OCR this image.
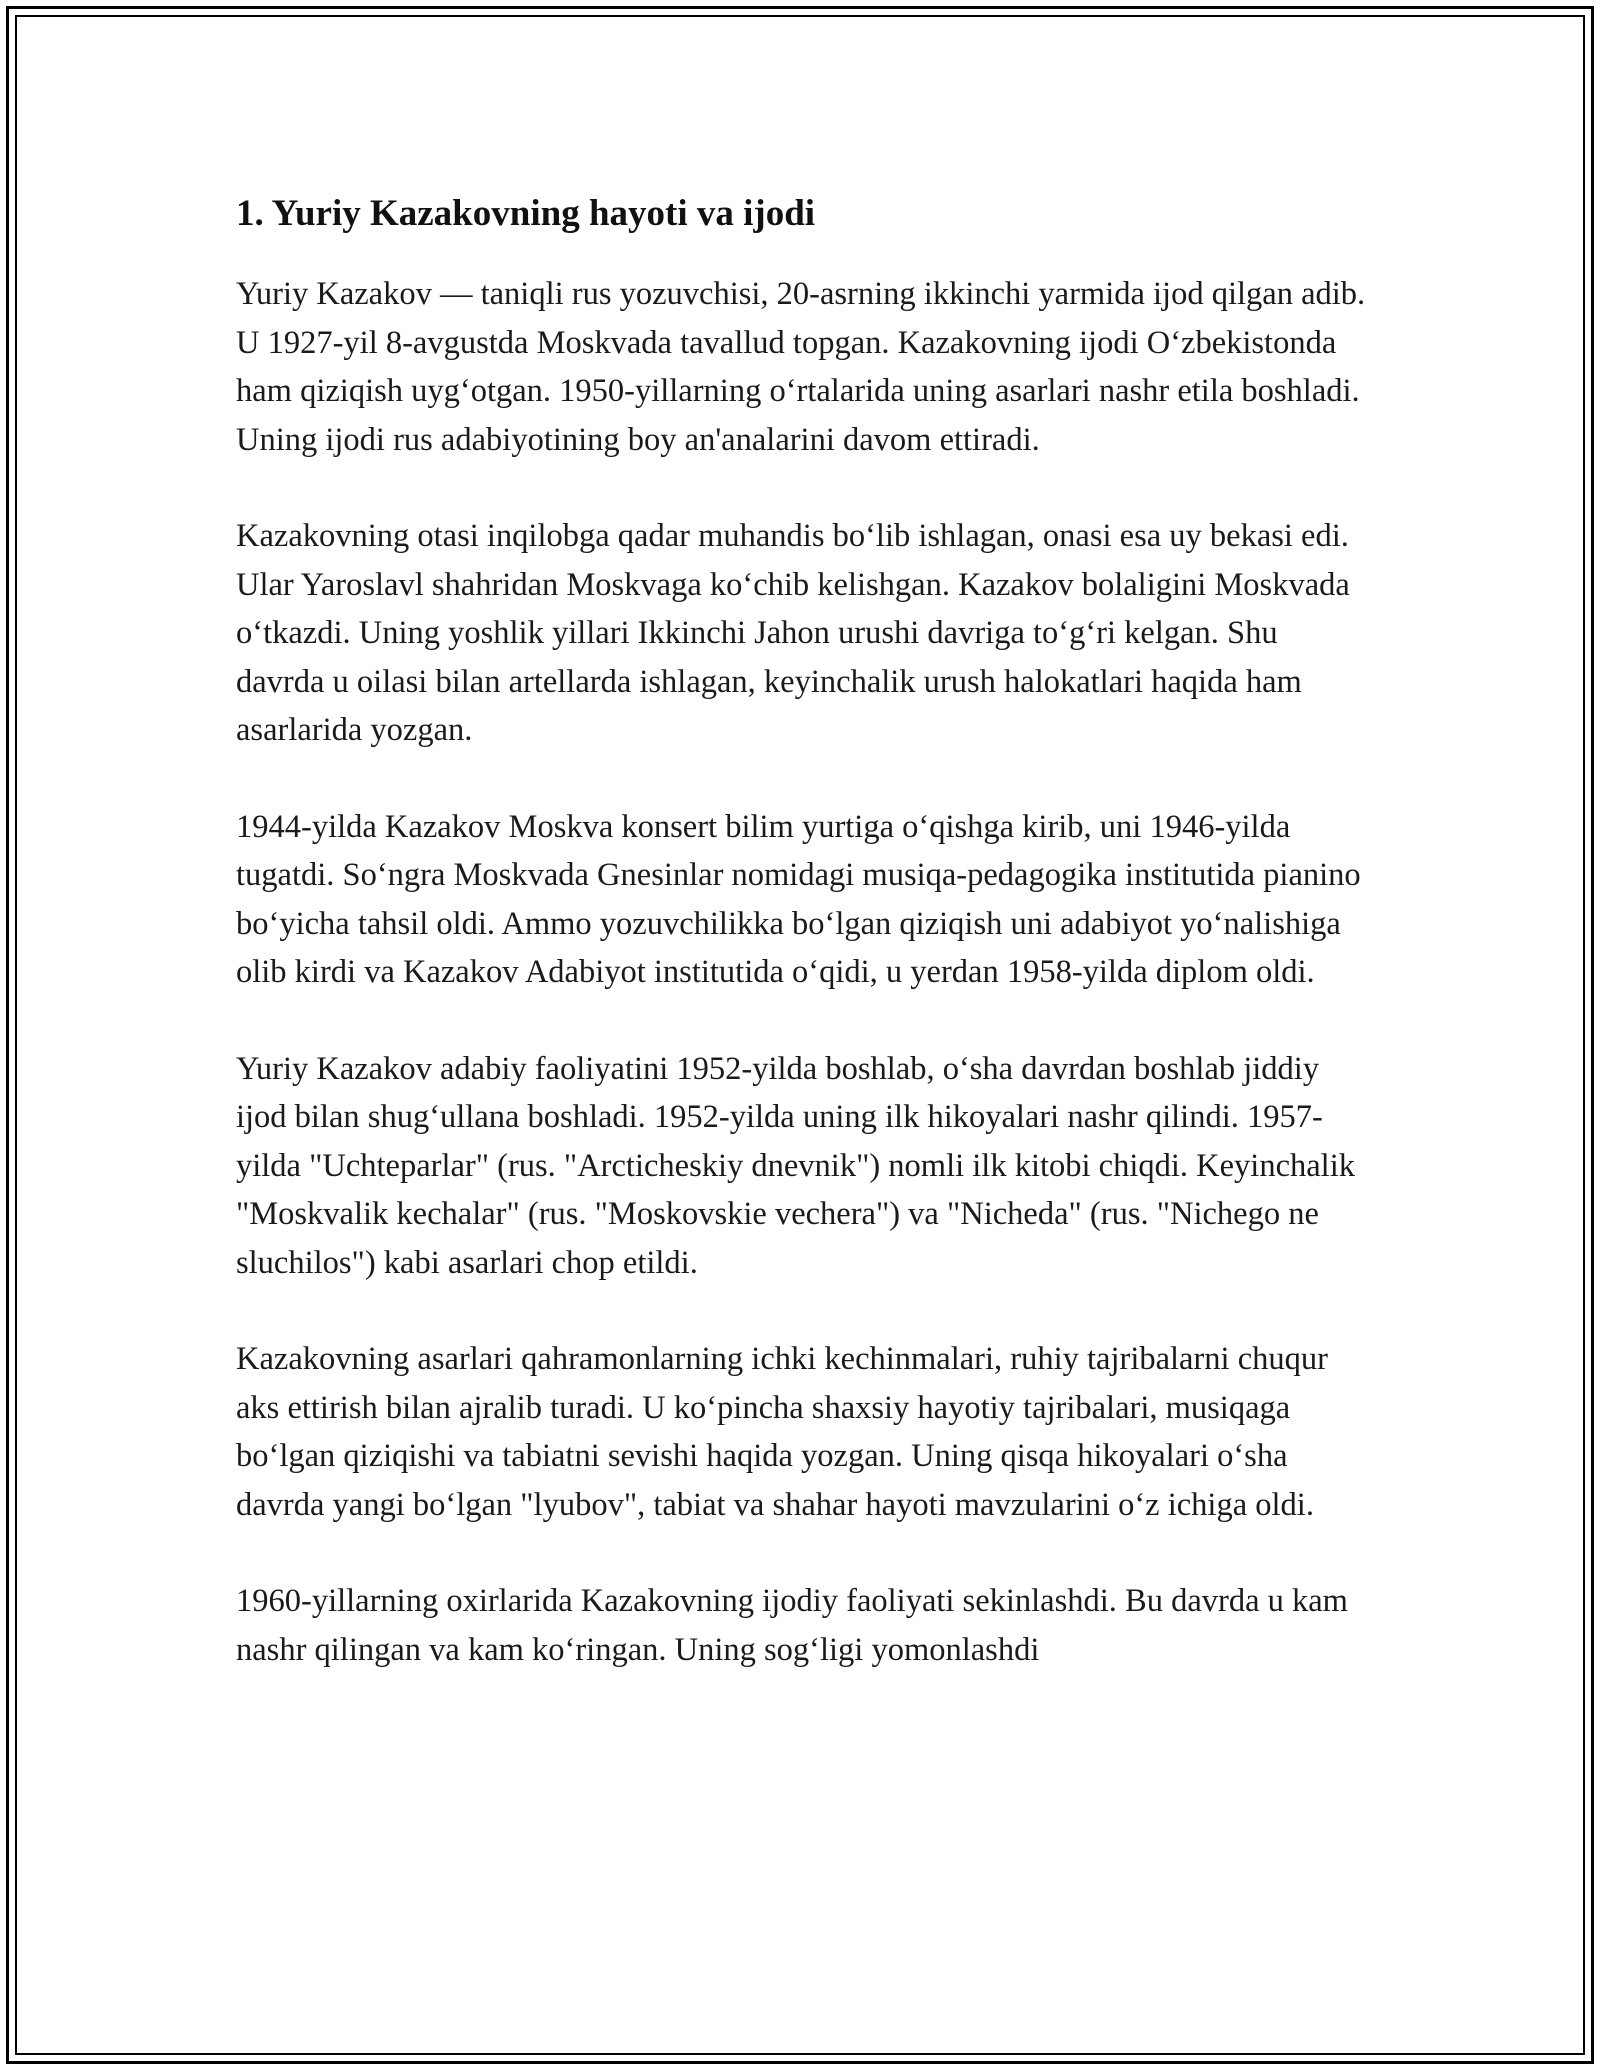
1. Yuriy Kazakovning hayoti va ijodi

Yuriy Kazakov — taniqli rus yozuvchisi, 20-asrning ikkinchi yarmida ijod qilgan adib. U 1927-yil 8-avgustda Moskvada tavallud topgan. Kazakovning ijodi O‘zbekistonda ham qiziqish uyg‘otgan. 1950-yillarning o‘rtalarida uning asarlari nashr etila boshladi. Uning ijodi rus adabiyotining boy an'analarini davom ettiradi.

Kazakovning otasi inqilobga qadar muhandis bo‘lib ishlagan, onasi esa uy bekasi edi. Ular Yaroslavl shahridan Moskvaga ko‘chib kelishgan. Kazakov bolaligini Moskvada o‘tkazdi. Uning yoshlik yillari Ikkinchi Jahon urushi davriga to‘g‘ri kelgan. Shu davrda u oilasi bilan artellarda ishlagan, keyinchalik urush halokatlari haqida ham asarlarida yozgan.

1944-yilda Kazakov Moskva konsert bilim yurtiga o‘qishga kirib, uni 1946-yilda tugatdi. So‘ngra Moskvada Gnesinlar nomidagi musiqa-pedagogika institutida pianino bo‘yicha tahsil oldi. Ammo yozuvchilikka bo‘lgan qiziqish uni adabiyot yo‘nalishiga olib kirdi va Kazakov Adabiyot institutida o‘qidi, u yerdan 1958-yilda diplom oldi.

Yuriy Kazakov adabiy faoliyatini 1952-yilda boshlab, o‘sha davrdan boshlab jiddiy ijod bilan shug‘ullana boshladi. 1952-yilda uning ilk hikoyalari nashr qilindi. 1957-yilda "Uchteparlar" (rus. "Arcticheskiy dnevnik") nomli ilk kitobi chiqdi. Keyinchalik "Moskvalik kechalar" (rus. "Moskovskie vechera") va "Nicheda" (rus. "Nichego ne sluchilos") kabi asarlari chop etildi.

Kazakovning asarlari qahramonlarning ichki kechinmalari, ruhiy tajribalarni chuqur aks ettirish bilan ajralib turadi. U ko‘pincha shaxsiy hayotiy tajribalari, musiqaga bo‘lgan qiziqishi va tabiatni sevishi haqida yozgan. Uning qisqa hikoyalari o‘sha davrda yangi bo‘lgan "lyubov", tabiat va shahar hayoti mavzularini o‘z ichiga oldi.

1960-yillarning oxirlarida Kazakovning ijodiy faoliyati sekinlashdi. Bu davrda u kam nashr qilingan va kam ko‘ringan. Uning sog‘ligi yomonlashdi
